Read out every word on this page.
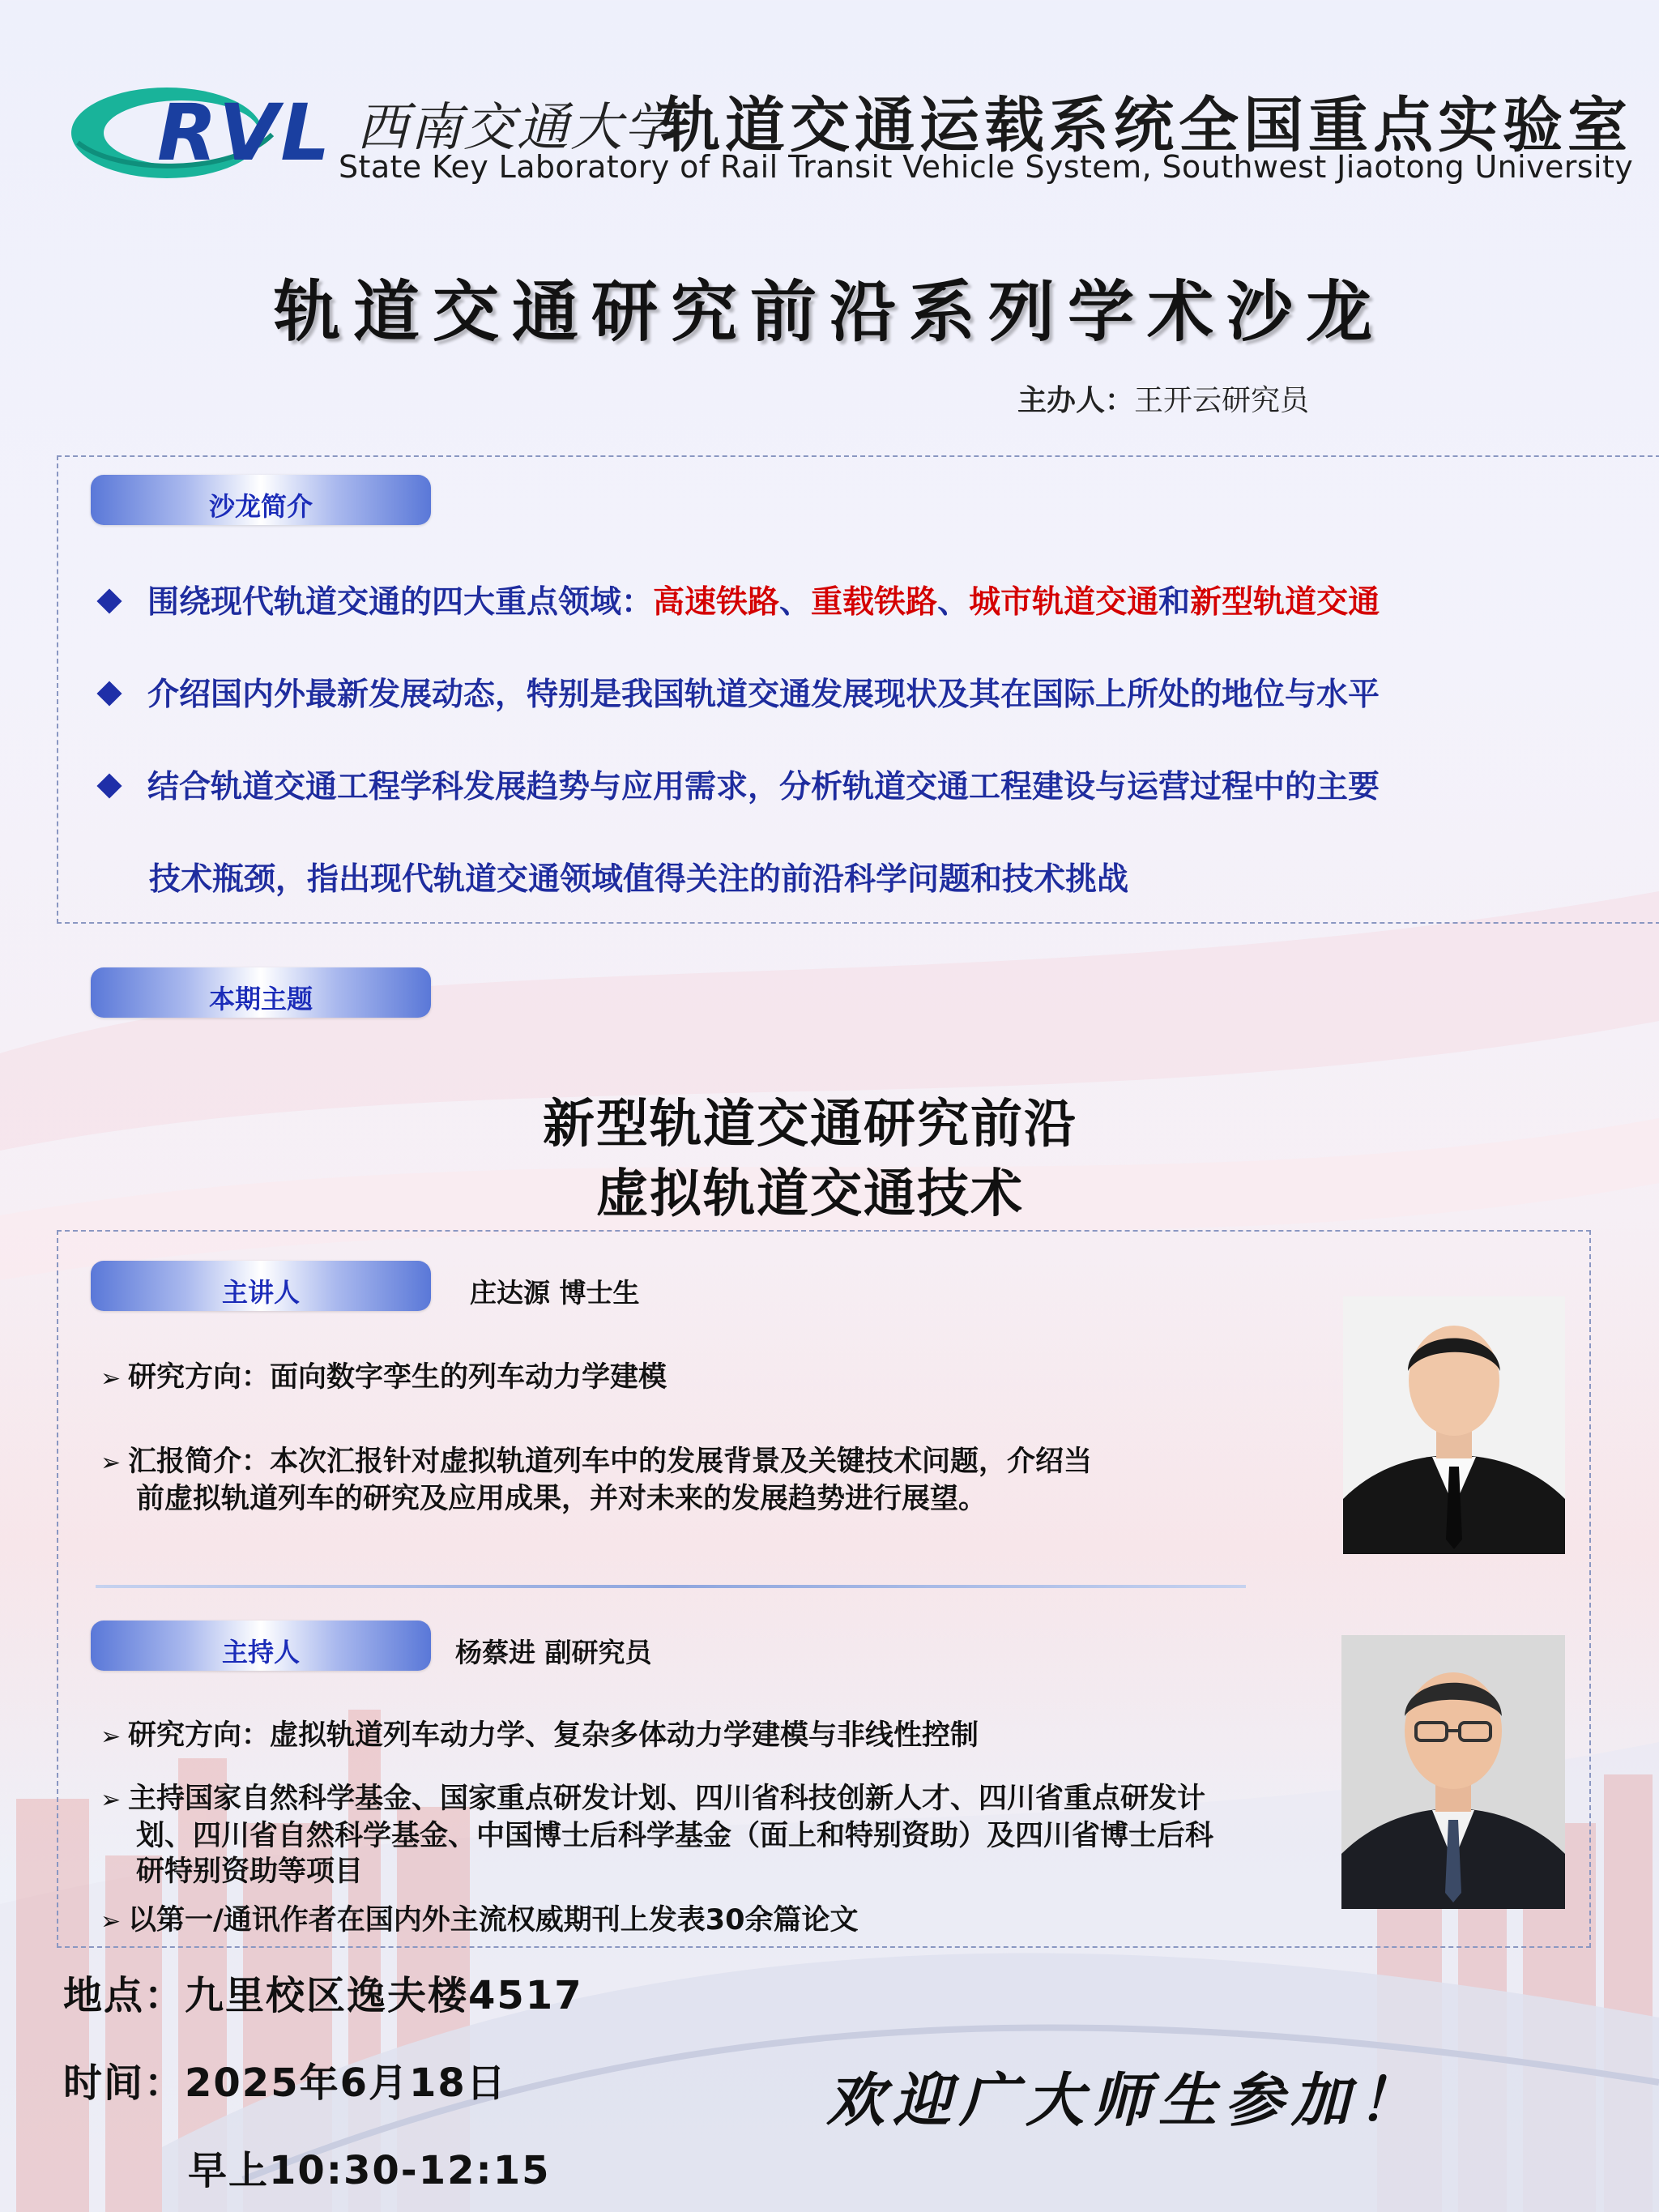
RVL 西南交通大学
轨道交通运载系统全国重点实验室
State Key Laboratory of Rail Transit Vehicle System, Southwest Jiaotong University
轨道交通研究前沿系列学术沙龙
主办人：王开云研究员
沙龙简介
围绕现代轨道交通的四大重点领域：高速铁路、重载铁路、城市轨道交通和新型轨道交通
介绍国内外最新发展动态，特别是我国轨道交通发展现状及其在国际上所处的地位与水平
结合轨道交通工程学科发展趋势与应用需求，分析轨道交通工程建设与运营过程中的主要
技术瓶颈，指出现代轨道交通领域值得关注的前沿科学问题和技术挑战
本期主题
新型轨道交通研究前沿
虚拟轨道交通技术
主讲人	庄达源 博士生
➢ 研究方向：面向数字孪生的列车动力学建模
➢ 汇报简介：本次汇报针对虚拟轨道列车中的发展背景及关键技术问题，介绍当
前虚拟轨道列车的研究及应用成果，并对未来的发展趋势进行展望。
主持人	杨蔡进 副研究员
➢ 研究方向：虚拟轨道列车动力学、复杂多体动力学建模与非线性控制
➢ 主持国家自然科学基金、国家重点研发计划、四川省科技创新人才、四川省重点研发计
划、四川省自然科学基金、中国博士后科学基金（面上和特别资助）及四川省博士后科
研特别资助等项目
➢ 以第一/通讯作者在国内外主流权威期刊上发表30余篇论文
地点：九里校区逸夫楼4517
时间：2025年6月18日
早上10:30-12:15
欢迎广大师生参加！
